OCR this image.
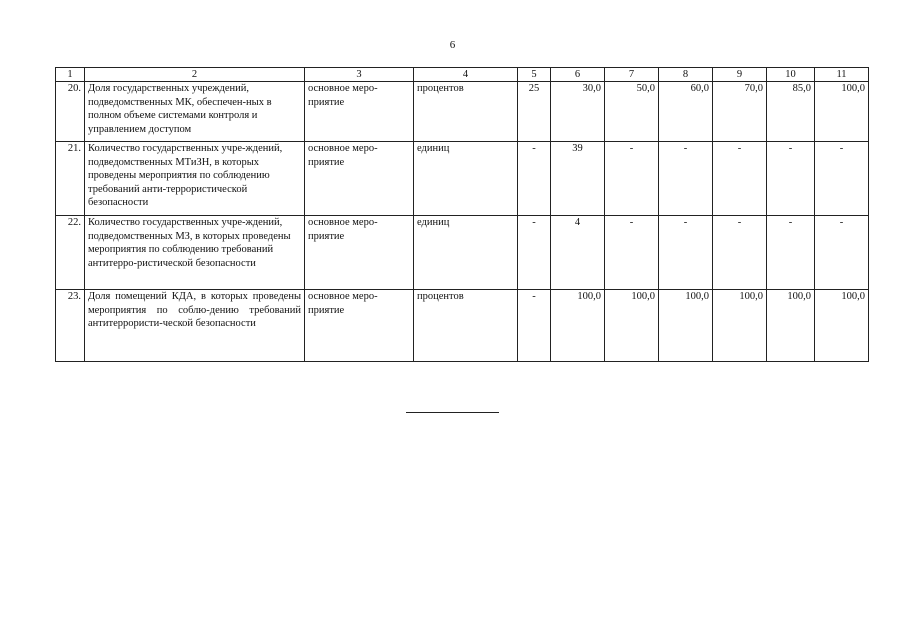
6
1	2	3	4	5	6	7	8	9	10	11
20.	Доля государственных учреждений, подведомственных МК, обеспечен-ных в полном объеме системами контроля и управлением доступом	основное меро-приятие	процентов	25	30,0	50,0	60,0	70,0	85,0	100,0
21.	Количество государственных учре-ждений, подведомственных МТиЗН, в которых проведены мероприятия по соблюдению требований анти-террористической безопасности	основное меро-приятие	единиц	-	39	-	-	-	-	-
22.	Количество государственных учре-ждений, подведомственных МЗ, в которых проведены мероприятия по соблюдению требований антитерро-ристической безопасности	основное меро-приятие	единиц	-	4	-	-	-	-	-
23.	Доля помещений КДА, в которых проведены мероприятия по соблю-дению требований антитеррористи-ческой безопасности	основное меро-приятие	процентов	-	100,0	100,0	100,0	100,0	100,0	100,0
